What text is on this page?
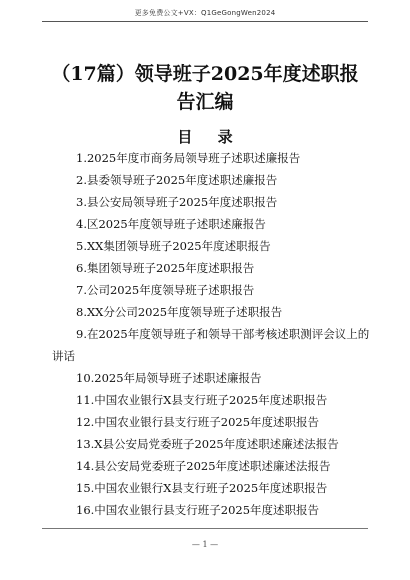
更多免费公文+VX：Q1GeGongWen2024
（17篇）领导班子2025年度述职报告汇编
目 录
1.2025年度市商务局领导班子述职述廉报告
2.县委领导班子2025年度述职述廉报告
3.县公安局领导班子2025年度述职报告
4.区2025年度领导班子述职述廉报告
5.XX集团领导班子2025年度述职报告
6.集团领导班子2025年度述职报告
7.公司2025年度领导班子述职报告
8.XX分公司2025年度领导班子述职报告
9.在2025年度领导班子和领导干部考核述职测评会议上的讲话
10.2025年局领导班子述职述廉报告
11.中国农业银行X县支行班子2025年度述职报告
12.中国农业银行县支行班子2025年度述职报告
13.X县公安局党委班子2025年度述职述廉述法报告
14.县公安局党委班子2025年度述职述廉述法报告
15.中国农业银行X县支行班子2025年度述职报告
16.中国农业银行县支行班子2025年度述职报告
— 1 —
